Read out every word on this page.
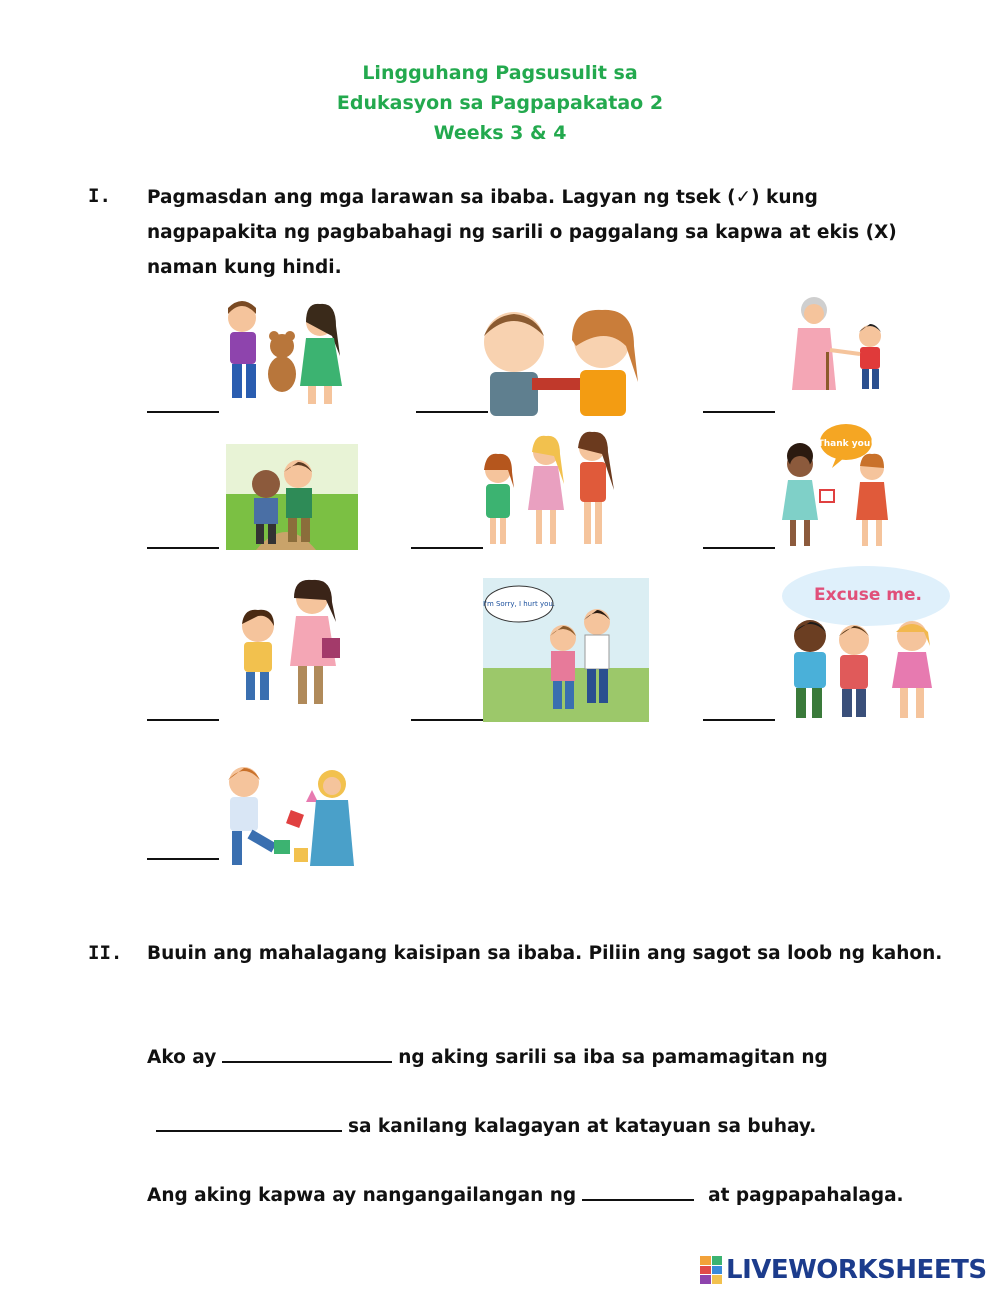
Lingguhang Pagsusulit sa
Edukasyon sa Pagpapakatao 2
Weeks 3 & 4
I. Pagmasdan ang mga larawan sa ibaba. Lagyan ng tsek (✓) kung nagpapakita ng pagbabahagi ng sarili o paggalang sa kapwa at ekis (X) naman kung hindi.
Thank you!
I'm Sorry, I hurt you.	Excuse me.
II. Buuin ang mahalagang kaisipan sa ibaba. Piliin ang sagot sa loob ng kahon.
Ako ay	ng aking sarili sa iba sa pamamagitan ng
sa kanilang kalagayan at katayuan sa buhay.
Ang aking kapwa ay nangangailangan ng	at pagpapahalaga.
LIVEWORKSHEETS
